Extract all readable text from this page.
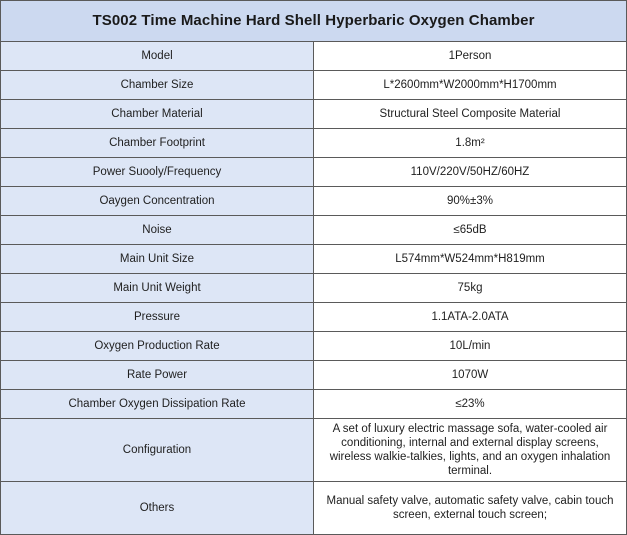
TS002 Time Machine Hard Shell Hyperbaric Oxygen Chamber	
Model	1Person
Chamber Size	L*2600mm*W2000mm*H1700mm
Chamber Material	Structural Steel Composite Material
Chamber Footprint	1.8m²
Power Suooly/Frequency	110V/220V/50HZ/60HZ
Oaygen Concentration	90%±3%
Noise	≤65dB
Main Unit Size	L574mm*W524mm*H819mm
Main Unit Weight	75kg
Pressure	1.1ATA-2.0ATA
Oxygen Production Rate	10L/min
Rate Power	1070W
Chamber Oxygen Dissipation Rate	≤23%
Configuration	A set of luxury electric massage sofa, water-cooled air conditioning, internal and external display screens, wireless walkie-talkies, lights, and an oxygen inhalation terminal.
Others	Manual safety valve, automatic safety valve, cabin touch screen, external touch screen;
